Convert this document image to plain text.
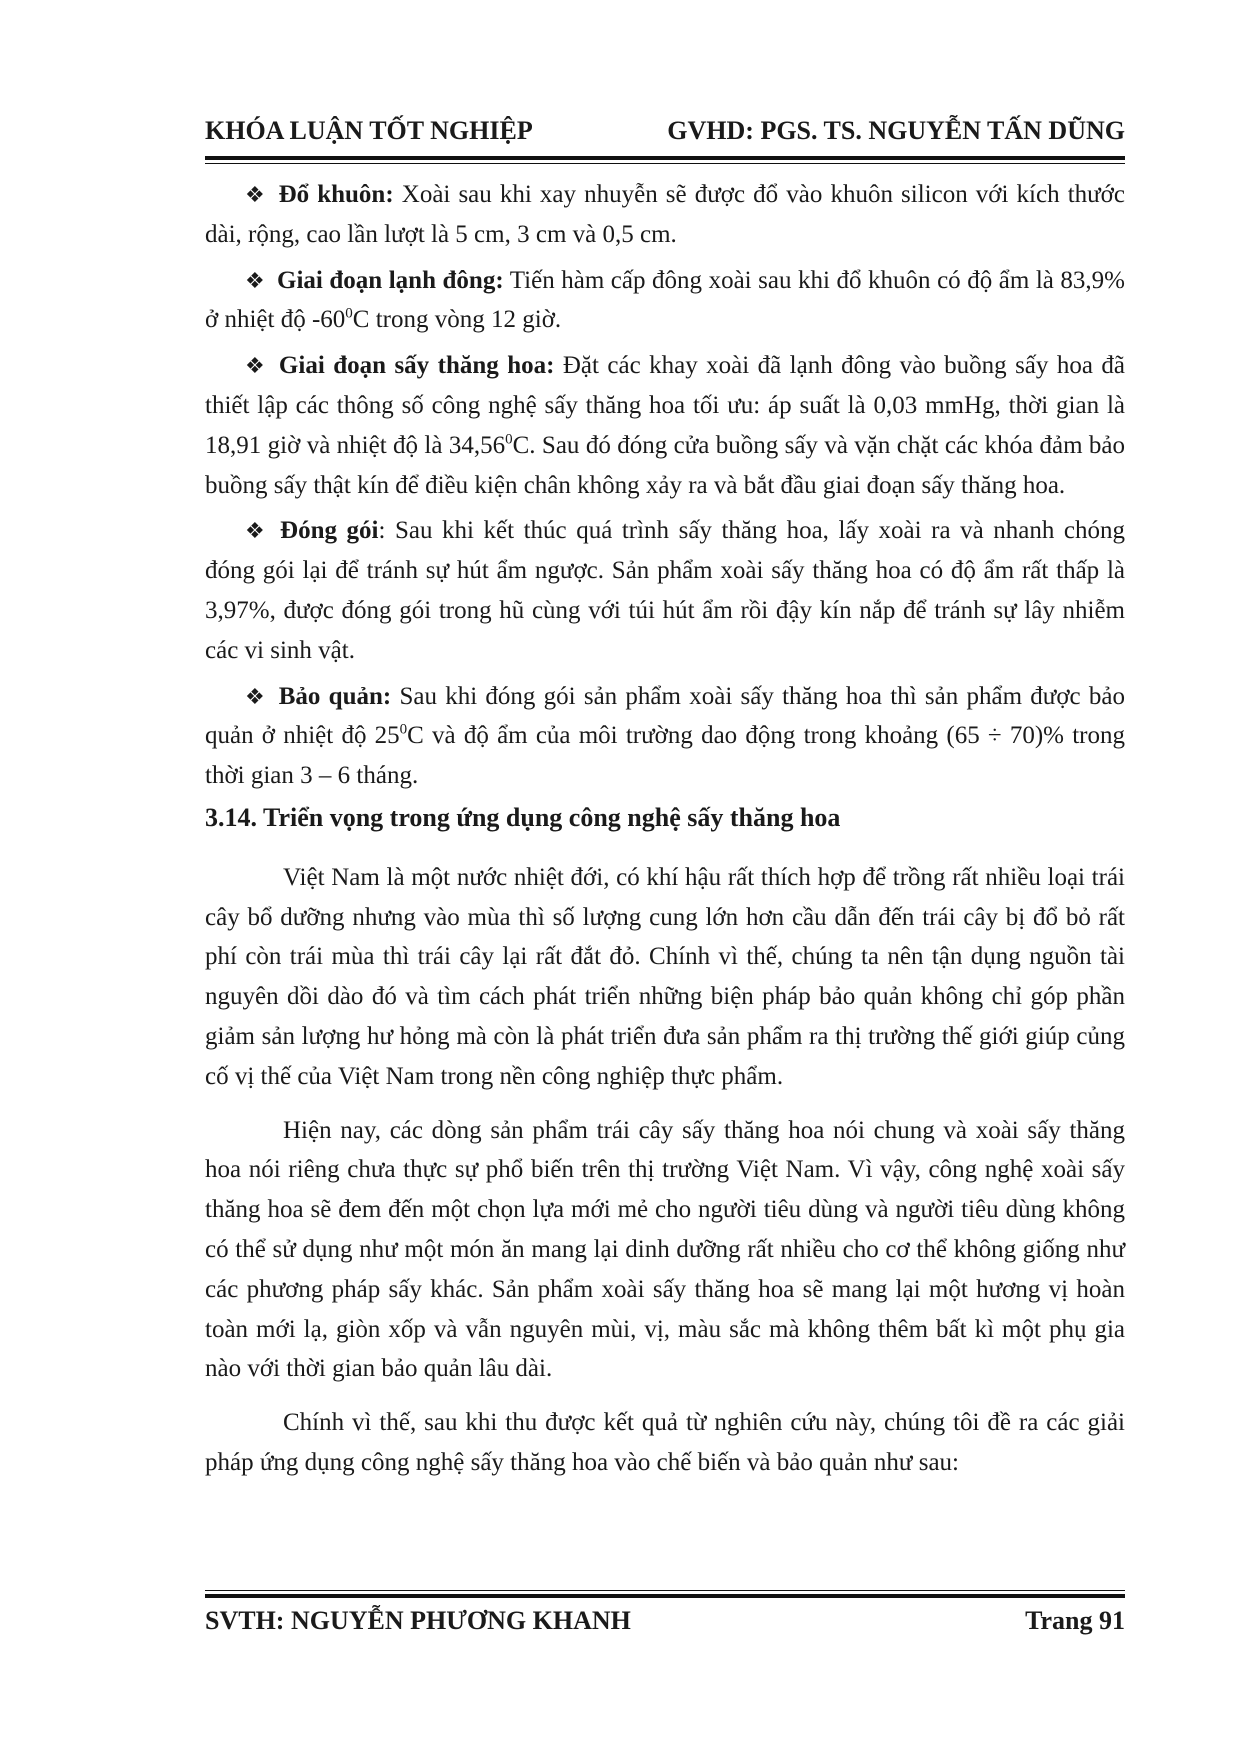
KHÓA LUẬN TỐT NGHIỆP	GVHD: PGS. TS. NGUYỄN TẤN DŨNG

❖ Đổ khuôn: Xoài sau khi xay nhuyễn sẽ được đổ vào khuôn silicon với kích thước dài, rộng, cao lần lượt là 5 cm, 3 cm và 0,5 cm.

❖ Giai đoạn lạnh đông: Tiến hàm cấp đông xoài sau khi đổ khuôn có độ ẩm là 83,9% ở nhiệt độ $-60^0C$ trong vòng 12 giờ.

❖ Giai đoạn sấy thăng hoa: Đặt các khay xoài đã lạnh đông vào buồng sấy hoa đã thiết lập các thông số công nghệ sấy thăng hoa tối ưu: áp suất là 0,03 mmHg, thời gian là 18,91 giờ và nhiệt độ là 34,56$^0$C. Sau đó đóng cửa buồng sấy và vặn chặt các khóa đảm bảo buồng sấy thật kín để điều kiện chân không xảy ra và bắt đầu giai đoạn sấy thăng hoa.

❖ Đóng gói: Sau khi kết thúc quá trình sấy thăng hoa, lấy xoài ra và nhanh chóng đóng gói lại để tránh sự hút ẩm ngược. Sản phẩm xoài sấy thăng hoa có độ ẩm rất thấp là 3,97%, được đóng gói trong hũ cùng với túi hút ẩm rồi đậy kín nắp để tránh sự lây nhiễm các vi sinh vật.

❖ Bảo quản: Sau khi đóng gói sản phẩm xoài sấy thăng hoa thì sản phẩm được bảo quản ở nhiệt độ $25^0C$ và độ ẩm của môi trường dao động trong khoảng (65 ÷ 70)% trong thời gian 3 – 6 tháng.

3.14. Triển vọng trong ứng dụng công nghệ sấy thăng hoa

Việt Nam là một nước nhiệt đới, có khí hậu rất thích hợp để trồng rất nhiều loại trái cây bổ dưỡng nhưng vào mùa thì số lượng cung lớn hơn cầu dẫn đến trái cây bị đổ bỏ rất phí còn trái mùa thì trái cây lại rất đắt đỏ. Chính vì thế, chúng ta nên tận dụng nguồn tài nguyên dồi dào đó và tìm cách phát triển những biện pháp bảo quản không chỉ góp phần giảm sản lượng hư hỏng mà còn là phát triển đưa sản phẩm ra thị trường thế giới giúp củng cố vị thế của Việt Nam trong nền công nghiệp thực phẩm.

Hiện nay, các dòng sản phẩm trái cây sấy thăng hoa nói chung và xoài sấy thăng hoa nói riêng chưa thực sự phổ biến trên thị trường Việt Nam. Vì vậy, công nghệ xoài sấy thăng hoa sẽ đem đến một chọn lựa mới mẻ cho người tiêu dùng và người tiêu dùng không có thể sử dụng như một món ăn mang lại dinh dưỡng rất nhiều cho cơ thể không giống như các phương pháp sấy khác. Sản phẩm xoài sấy thăng hoa sẽ mang lại một hương vị hoàn toàn mới lạ, giòn xốp và vẫn nguyên mùi, vị, màu sắc mà không thêm bất kì một phụ gia nào với thời gian bảo quản lâu dài.

Chính vì thế, sau khi thu được kết quả từ nghiên cứu này, chúng tôi đề ra các giải pháp ứng dụng công nghệ sấy thăng hoa vào chế biến và bảo quản như sau:

SVTH: NGUYỄN PHƯƠNG KHANH	Trang 91
